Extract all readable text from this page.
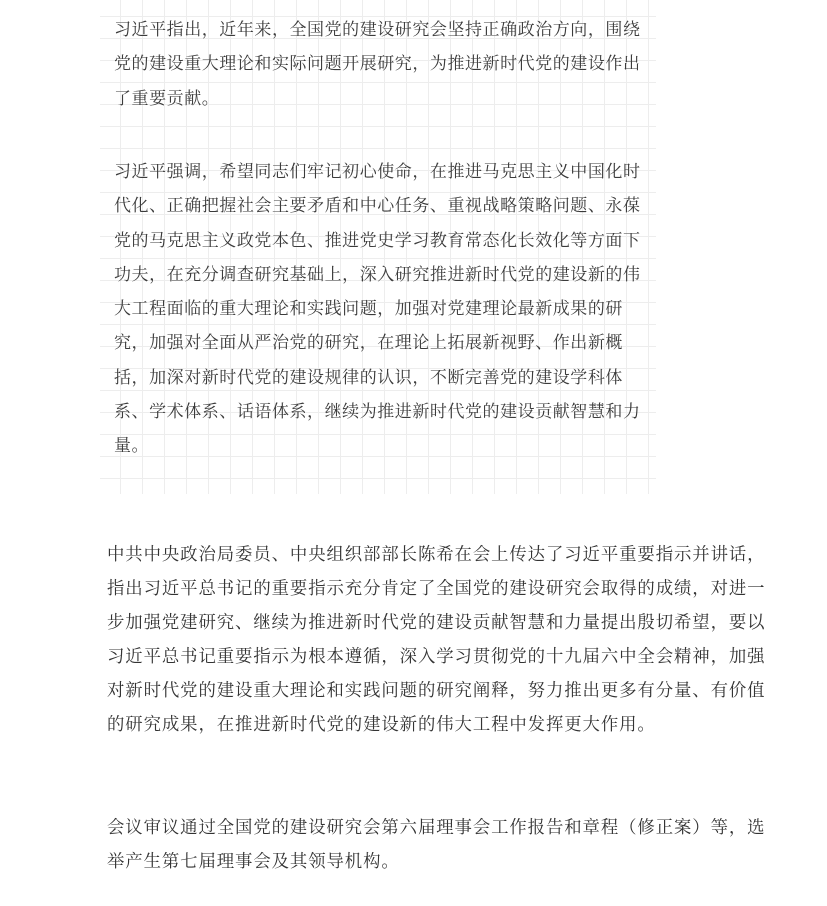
习近平指出，近年来，全国党的建设研究会坚持正确政治方向，围绕党的建设重大理论和实际问题开展研究，为推进新时代党的建设作出了重要贡献。

习近平强调，希望同志们牢记初心使命，在推进马克思主义中国化时代化、正确把握社会主要矛盾和中心任务、重视战略策略问题、永葆党的马克思主义政党本色、推进党史学习教育常态化长效化等方面下功夫，在充分调查研究基础上，深入研究推进新时代党的建设新的伟大工程面临的重大理论和实践问题，加强对党建理论最新成果的研究，加强对全面从严治党的研究，在理论上拓展新视野、作出新概括，加深对新时代党的建设规律的认识，不断完善党的建设学科体系、学术体系、话语体系，继续为推进新时代党的建设贡献智慧和力量。

中共中央政治局委员、中央组织部部长陈希在会上传达了习近平重要指示并讲话，指出习近平总书记的重要指示充分肯定了全国党的建设研究会取得的成绩，对进一步加强党建研究、继续为推进新时代党的建设贡献智慧和力量提出殷切希望，要以习近平总书记重要指示为根本遵循，深入学习贯彻党的十九届六中全会精神，加强对新时代党的建设重大理论和实践问题的研究阐释，努力推出更多有分量、有价值的研究成果，在推进新时代党的建设新的伟大工程中发挥更大作用。

会议审议通过全国党的建设研究会第六届理事会工作报告和章程（修正案）等，选举产生第七届理事会及其领导机构。
